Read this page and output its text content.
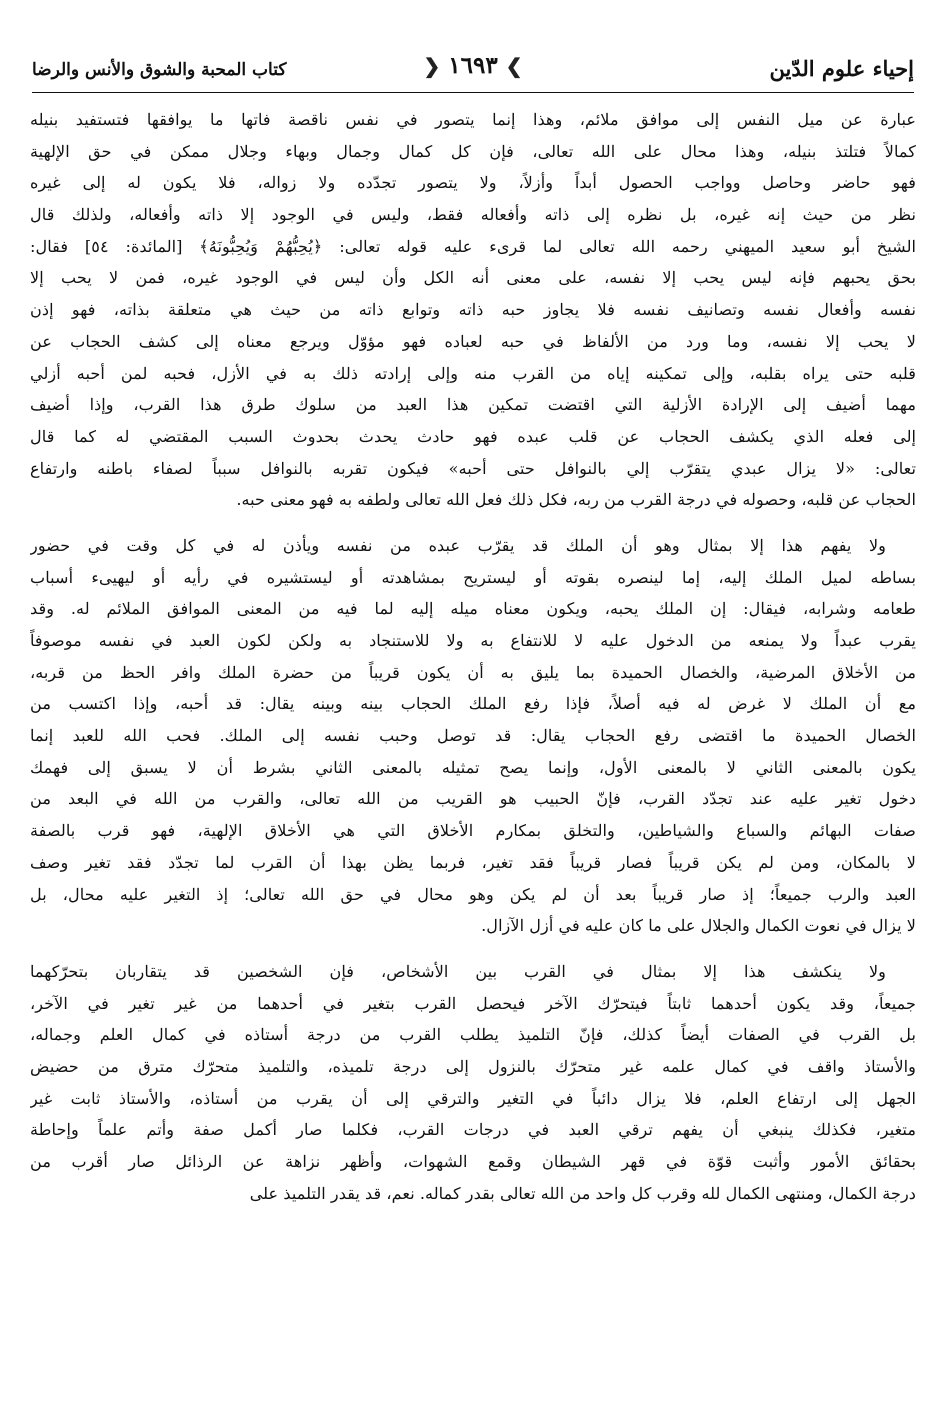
إحياء علوم الدّين
❯ ١٦٩٣ ❮
كتاب المحبة والشوق والأنس والرضا
عبارة عن ميل النفس إلى موافق ملائم، وهذا إنما يتصور في نفس ناقصة فاتها ما يوافقها فتستفيد بنيله
كمالاً فتلتذ بنيله، وهذا محال على الله تعالى، فإن كل كمال وجمال وبهاء وجلال ممكن في حق الإلهية
فهو حاضر وحاصل وواجب الحصول أبداً وأزلاً، ولا يتصور تجدّده ولا زواله، فلا يكون له إلى غيره
نظر من حيث إنه غيره، بل نظره إلى ذاته وأفعاله فقط، وليس في الوجود إلا ذاته وأفعاله، ولذلك قال
الشيخ أبو سعيد الميهني رحمه الله تعالى لما قرىء عليه قوله تعالى: ﴿يُحِبُّهُمْ وَيُحِبُّونَهُ﴾ [المائدة: ٥٤] فقال:
بحق يحبهم فإنه ليس يحب إلا نفسه، على معنى أنه الكل وأن ليس في الوجود غيره، فمن لا يحب إلا
نفسه وأفعال نفسه وتصانيف نفسه فلا يجاوز حبه ذاته وتوابع ذاته من حيث هي متعلقة بذاته، فهو إذن
لا يحب إلا نفسه، وما ورد من الألفاظ في حبه لعباده فهو مؤوّل ويرجع معناه إلى كشف الحجاب عن
قلبه حتى يراه بقلبه، وإلى تمكينه إياه من القرب منه وإلى إرادته ذلك به في الأزل، فحبه لمن أحبه أزلي
مهما أضيف إلى الإرادة الأزلية التي اقتضت تمكين هذا العبد من سلوك طرق هذا القرب، وإذا أضيف
إلى فعله الذي يكشف الحجاب عن قلب عبده فهو حادث يحدث بحدوث السبب المقتضي له كما قال
تعالى: «لا يزال عبدي يتقرّب إلي بالنوافل حتى أحبه» فيكون تقربه بالنوافل سبباً لصفاء باطنه وارتفاع
الحجاب عن قلبه، وحصوله في درجة القرب من ربه، فكل ذلك فعل الله تعالى ولطفه به فهو معنى حبه.
ولا يفهم هذا إلا بمثال وهو أن الملك قد يقرّب عبده من نفسه ويأذن له في كل وقت في حضور
بساطه لميل الملك إليه، إما لينصره بقوته أو ليستريح بمشاهدته أو ليستشيره في رأيه أو ليهيىء أسباب
طعامه وشرابه، فيقال: إن الملك يحبه، ويكون معناه ميله إليه لما فيه من المعنى الموافق الملائم له. وقد
يقرب عبداً ولا يمنعه من الدخول عليه لا للانتفاع به ولا للاستنجاد به ولكن لكون العبد في نفسه موصوفاً
من الأخلاق المرضية، والخصال الحميدة بما يليق به أن يكون قريباً من حضرة الملك وافر الحظ من قربه،
مع أن الملك لا غرض له فيه أصلاً، فإذا رفع الملك الحجاب بينه وبينه يقال: قد أحبه، وإذا اكتسب من
الخصال الحميدة ما اقتضى رفع الحجاب يقال: قد توصل وحبب نفسه إلى الملك. فحب الله للعبد إنما
يكون بالمعنى الثاني لا بالمعنى الأول، وإنما يصح تمثيله بالمعنى الثاني بشرط أن لا يسبق إلى فهمك
دخول تغير عليه عند تجدّد القرب، فإنّ الحبيب هو القريب من الله تعالى، والقرب من الله في البعد من
صفات البهائم والسباع والشياطين، والتخلق بمكارم الأخلاق التي هي الأخلاق الإلهية، فهو قرب بالصفة
لا بالمكان، ومن لم يكن قريباً فصار قريباً فقد تغير، فربما يظن بهذا أن القرب لما تجدّد فقد تغير وصف
العبد والرب جميعاً؛ إذ صار قريباً بعد أن لم يكن وهو محال في حق الله تعالى؛ إذ التغير عليه محال، بل
لا يزال في نعوت الكمال والجلال على ما كان عليه في أزل الآزال.
ولا ينكشف هذا إلا بمثال في القرب بين الأشخاص، فإن الشخصين قد يتقاربان بتحرّكهما
جميعاً، وقد يكون أحدهما ثابتاً فيتحرّك الآخر فيحصل القرب بتغير في أحدهما من غير تغير في الآخر،
بل القرب في الصفات أيضاً كذلك، فإنّ التلميذ يطلب القرب من درجة أستاذه في كمال العلم وجماله،
والأستاذ واقف في كمال علمه غير متحرّك بالنزول إلى درجة تلميذه، والتلميذ متحرّك مترق من حضيض
الجهل إلى ارتفاع العلم، فلا يزال دائباً في التغير والترقي إلى أن يقرب من أستاذه، والأستاذ ثابت غير
متغير، فكذلك ينبغي أن يفهم ترقي العبد في درجات القرب، فكلما صار أكمل صفة وأتم علماً وإحاطة
بحقائق الأمور وأثبت قوّة في قهر الشيطان وقمع الشهوات، وأظهر نزاهة عن الرذائل صار أقرب من
درجة الكمال، ومنتهى الكمال لله وقرب كل واحد من الله تعالى بقدر كماله. نعم، قد يقدر التلميذ على
